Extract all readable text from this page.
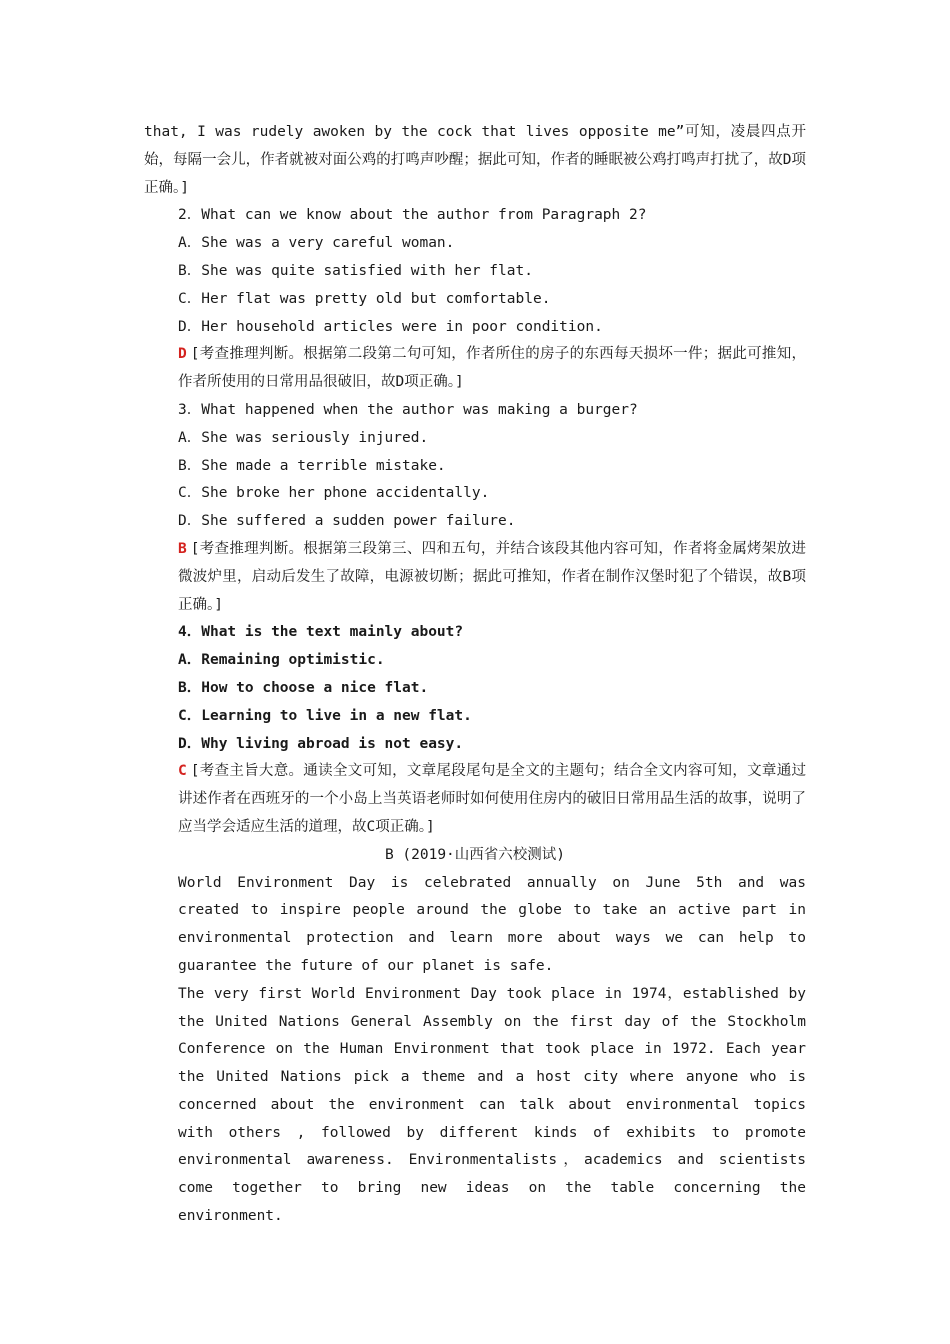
that, I was rudely awoken by the cock that lives opposite me”可知，凌晨四点开始，每隔一会儿，作者就被对面公鸡的打鸣声吵醒；据此可知，作者的睡眠被公鸡打鸣声打扰了，故D项正确。]
2．What can we know about the author from Paragraph 2?
A．She was a very careful woman.
B．She was quite satisfied with her flat.
C．Her flat was pretty old but comfortable.
D．Her household articles were in poor condition.
D [考查推理判断。根据第二段第二句可知，作者所住的房子的东西每天损坏一件；据此可推知，作者所使用的日常用品很破旧，故D项正确。]
3．What happened when the author was making a burger?
A．She was seriously injured.
B．She made a terrible mistake.
C．She broke her phone accidentally.
D．She suffered a sudden power failure.
B [考查推理判断。根据第三段第三、四和五句，并结合该段其他内容可知，作者将金属烤架放进微波炉里，启动后发生了故障，电源被切断；据此可推知，作者在制作汉堡时犯了个错误，故B项正确。]
4．What is the text mainly about?
A．Remaining optimistic.
B．How to choose a nice flat.
C．Learning to live in a new flat.
D．Why living abroad is not easy.
C [考查主旨大意。通读全文可知，文章尾段尾句是全文的主题句；结合全文内容可知，文章通过讲述作者在西班牙的一个小岛上当英语老师时如何使用住房内的破旧日常用品生活的故事，说明了应当学会适应生活的道理，故C项正确。]
B (2019·山西省六校测试)
World Environment Day is celebrated annually on June 5th and was created to inspire people around the globe to take an active part in environmental protection and learn more about ways we can help to guarantee the future of our planet is safe.
The very first World Environment Day took place in 1974，established by the United Nations General Assembly on the first day of the Stockholm Conference on the Human Environment that took place in 1972. Each year the United Nations pick a theme and a host city where anyone who is concerned about the environment can talk about environmental topics with others , followed by different kinds of exhibits to promote environmental awareness. Environmentalists，academics and scientists come together to bring new ideas on the table concerning the environment.
